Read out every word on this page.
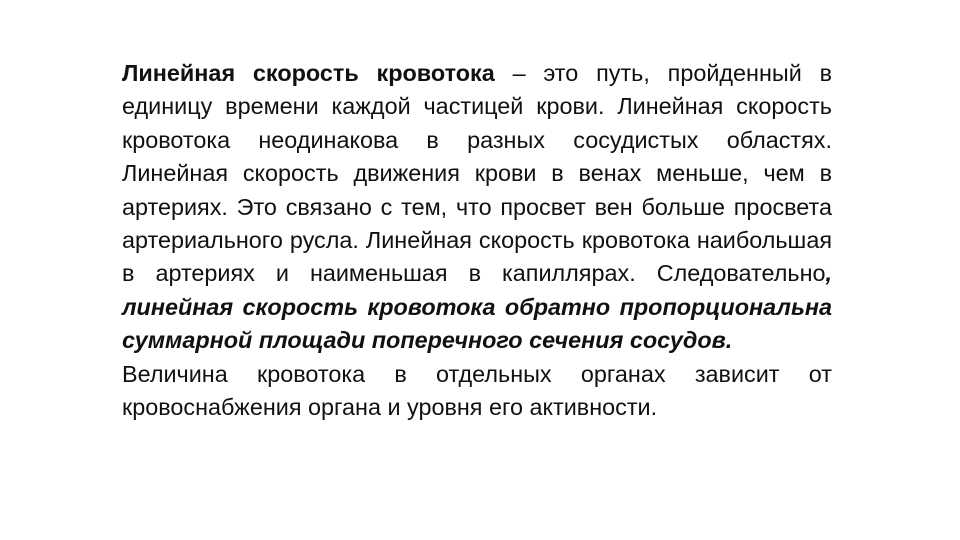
Линейная скорость кровотока – это путь, пройденный в единицу времени каждой частицей крови. Линейная скорость кровотока неодинакова в разных сосудистых областях. Линейная скорость движения крови в венах меньше, чем в артериях. Это связано с тем, что просвет вен больше просвета артериального русла. Линейная скорость кровотока наибольшая в артериях и наименьшая в капиллярах. Следовательно, линейная скорость кровотока обратно пропорциональна суммарной площади поперечного сечения сосудов.

Величина кровотока в отдельных органах зависит от кровоснабжения органа и уровня его активности.
